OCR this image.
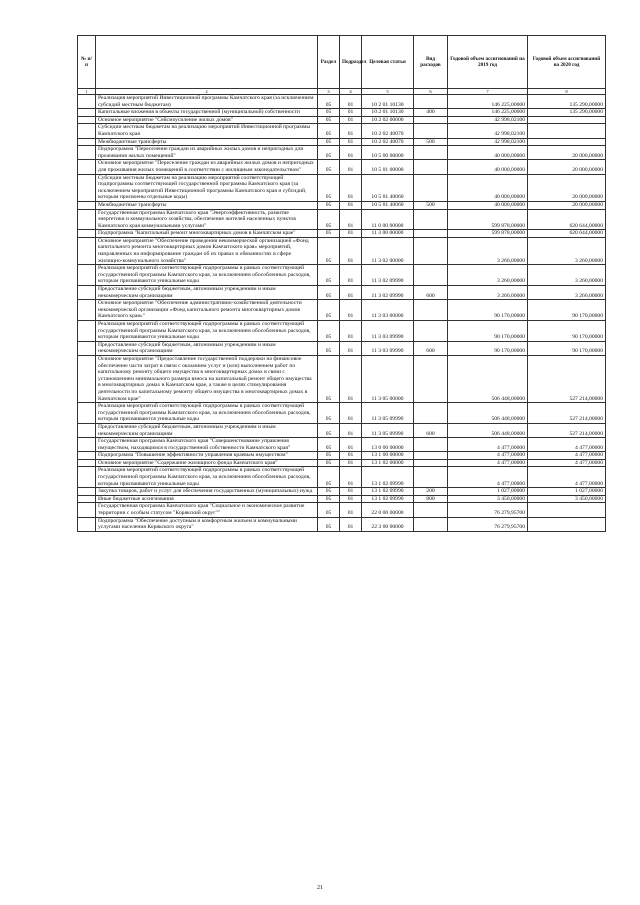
№ п/п		Раздел	Подраздел	Целевая статья	Вид расходов	Годовой объем ассигнований на 2019 год	Годовой объем ассигнований на 2020 год
1	2	3	4	5	6	7	8
	Реализация мероприятий Инвестиционной программы Камчатского края (за исключением субсидий местным бюджетам)	05	01	10 2 01 10130		146 225,00000	135 290,00000
	Капитальные вложения в объекты государственной (муниципальной) собственности	05	01	10 2 01 10130	400	146 225,00000	135 290,00000
	Основное мероприятие "Сейсмоусиление жилых домов"	05	01	10 2 02 00000		42 998,02100	
	Субсидии местным бюджетам на реализацию мероприятий Инвестиционной программы Камчатского края	05	01	10 2 02 40070		42 998,02100	
	Межбюджетные трансферты	05	01	10 2 02 40070	500	42 998,02100	
	Подпрограмма "Переселение граждан из аварийных жилых домов и непригодных для проживания жилых помещений"	05	01	10 5 00 00000		40 000,00000	20 000,00000
	Основное мероприятие "Переселение граждан из аварийных жилых домов и непригодных для проживания жилых помещений в соответствии с жилищным законодательством"	05	01	10 5 01 00000		40 000,00000	20 000,00000
	Субсидии местным бюджетам на реализацию мероприятий соответствующей подпрограммы соответствующей государственной программы Камчатского края (за исключением мероприятий Инвестиционной программы Камчатского края и субсидий, которым присвоены отдельные коды)	05	01	10 5 01 40060		40 000,00000	20 000,00000
	Межбюджетные трансферты	05	01	10 5 01 40060	500	40 000,00000	20 000,00000
	Государственная программа Камчатского края "Энергоэффективность, развитие энергетики и коммунального хозяйства, обеспечение жителей населенных пунктов Камчатского края коммунальными услугами"	05	01	11 0 00 00000		599 878,00000	620 644,00000
	Подпрограмма "Капитальный ремонт многоквартирных домов в Камчатском крае"	05	01	11 3 00 00000		599 878,00000	620 644,00000
	Основное мероприятие "Обеспечение проведения некоммерческой организацией «Фонд капитального ремонта многоквартирных домов Камчатского края» мероприятий, направленных на информирование граждан об их правах и обязанностях в сфере жилищно-коммунального хозяйства"	05	01	11 3 02 00000		3 260,00000	3 260,00000
	Реализация мероприятий соответствующей подпрограммы в рамках соответствующей государственной программы Камчатского края, за исключением обособленных расходов, которым присваиваются уникальные коды	05	01	11 3 02 09990		3 260,00000	3 260,00000
	Предоставление субсидий бюджетным, автономным учреждениям и иным некоммерческим организациям	05	01	11 3 02 09990	600	3 260,00000	3 260,00000
	Основное мероприятие "Обеспечение административно-хозяйственной деятельности некоммерческой организации «Фонд капитального ремонта многоквартирных домов Камчатского края»"	05	01	11 3 03 00000		90 170,00000	90 170,00000
	Реализация мероприятий соответствующей подпрограммы в рамках соответствующей государственной программы Камчатского края, за исключением обособленных расходов, которым присваиваются уникальные коды	05	01	11 3 03 09990		90 170,00000	90 170,00000
	Предоставление субсидий бюджетным, автономным учреждениям и иным некоммерческим организациям	05	01	11 3 03 09990	600	90 170,00000	90 170,00000
	Основное мероприятие "Предоставление государственной поддержки на финансовое обеспечение части затрат в связи с оказанием услуг и (или) выполнением работ по капитальному ремонту общего имущества в многоквартирных домах в связи с установлением минимального размера взноса на капитальный ремонт общего имущества в многоквартирных домах в Камчатском крае, а также в целях стимулирования деятельности по капитальному ремонту общего имущества в многоквартирных домах в Камчатском крае"	05	01	11 3 05 00000		506 448,00000	527 214,00000
	Реализация мероприятий соответствующей подпрограммы в рамках соответствующей государственной программы Камчатского края, за исключением обособленных расходов, которым присваиваются уникальные коды	05	01	11 3 05 09990		506 448,00000	527 214,00000
	Предоставление субсидий бюджетным, автономным учреждениям и иным некоммерческим организациям	05	01	11 3 05 09990	600	506 448,00000	527 214,00000
	Государственная программа Камчатского края "Совершенствование управления имуществом, находящимся в государственной собственности Камчатского края"	05	01	13 0 00 00000		4 477,00000	4 477,00000
	Подпрограмма "Повышение эффективности управления краевым имуществом"	05	01	13 1 00 00000		4 477,00000	4 477,00000
	Основное мероприятие "Содержание жилищного фонда Камчатского края"	05	01	13 1 02 00000		4 477,00000	4 477,00000
	Реализация мероприятий соответствующей подпрограммы в рамках соответствующей государственной программы Камчатского края, за исключением обособленных расходов, которым присваиваются уникальные коды	05	01	13 1 02 09990		4 477,00000	4 477,00000
	Закупка товаров, работ и услуг для обеспечения государственных (муниципальных) нужд	05	01	13 1 02 09990	200	1 027,00000	1 027,00000
	Иные бюджетные ассигнования	05	01	13 1 02 09990	800	3 450,00000	3 450,00000
	Государственная программа Камчатского края "Социальное и экономическое развитие территории с особым статусом "Корякский округ""	05	01	22 0 00 00000		76 279,95700	
	Подпрограмма "Обеспечение доступным и комфортным жильем и коммунальными услугами населения Корякского округа"	05	01	22 3 00 00000		76 279,95700	
21
